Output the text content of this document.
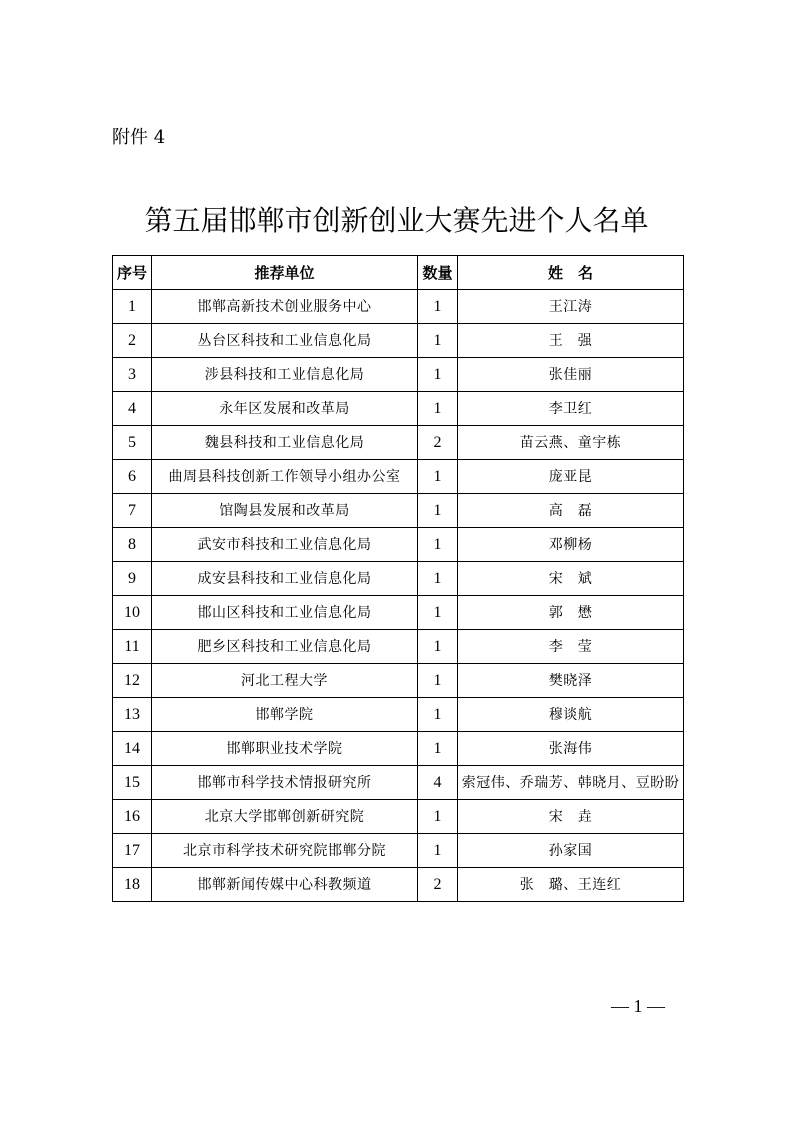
附件 4

第五届邯郸市创新创业大赛先进个人名单
序号	推荐单位	数量	姓　名
1	邯郸高新技术创业服务中心	1	王江涛
2	丛台区科技和工业信息化局	1	王　强
3	涉县科技和工业信息化局	1	张佳丽
4	永年区发展和改革局	1	李卫红
5	魏县科技和工业信息化局	2	苗云燕、童宇栋
6	曲周县科技创新工作领导小组办公室	1	庞亚昆
7	馆陶县发展和改革局	1	高　磊
8	武安市科技和工业信息化局	1	邓柳杨
9	成安县科技和工业信息化局	1	宋　斌
10	邯山区科技和工业信息化局	1	郭　懋
11	肥乡区科技和工业信息化局	1	李　莹
12	河北工程大学	1	樊晓泽
13	邯郸学院	1	穆谈航
14	邯郸职业技术学院	1	张海伟
15	邯郸市科学技术情报研究所	4	索冠伟、乔瑞芳、韩晓月、豆盼盼
16	北京大学邯郸创新研究院	1	宋　垚
17	北京市科学技术研究院邯郸分院	1	孙家国
18	邯郸新闻传媒中心科教频道	2	张　璐、王连红
— 1 —
